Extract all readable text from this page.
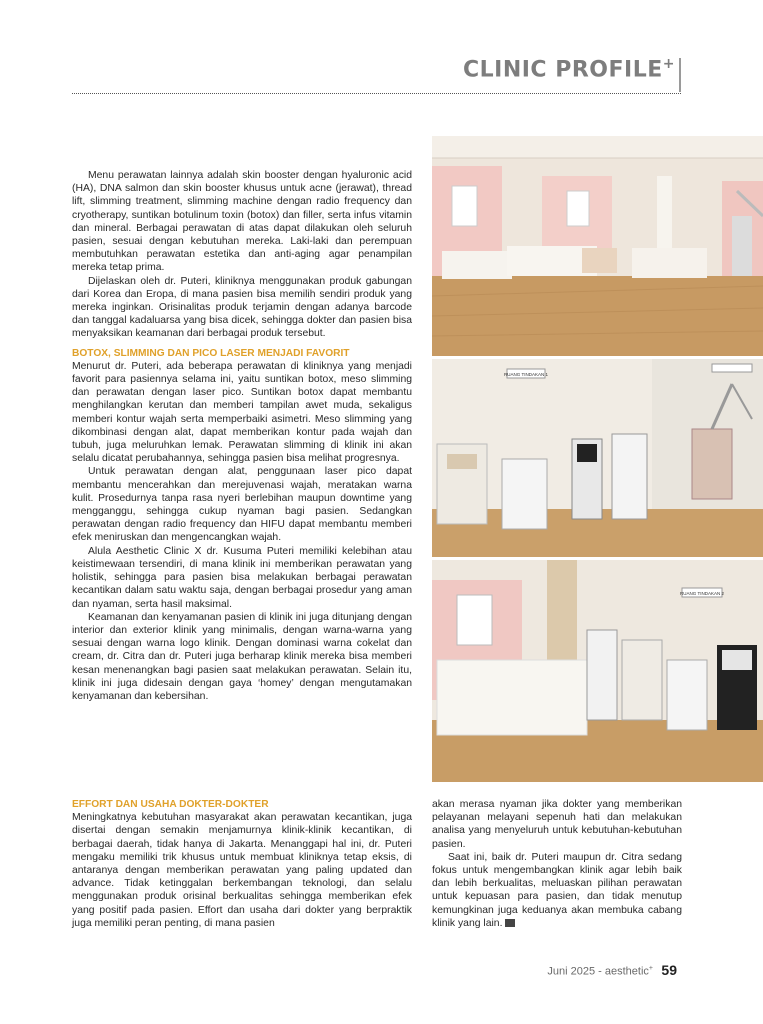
CLINIC PROFILE+

Menu perawatan lainnya adalah skin booster dengan hyaluronic acid (HA), DNA salmon dan skin booster khusus untuk acne (jerawat), thread lift, slimming treatment, slimming machine dengan radio frequency dan cryotherapy, suntikan botulinum toxin (botox) dan filler, serta infus vitamin dan mineral. Berbagai perawatan di atas dapat dilakukan oleh seluruh pasien, sesuai dengan kebutuhan mereka. Laki-laki dan perempuan membutuhkan perawatan estetika dan anti-aging agar penampilan mereka tetap prima.

Dijelaskan oleh dr. Puteri, kliniknya menggunakan produk gabungan dari Korea dan Eropa, di mana pasien bisa memilih sendiri produk yang mereka inginkan. Orisinalitas produk terjamin dengan adanya barcode dan tanggal kadaluarsa yang bisa dicek, sehingga dokter dan pasien bisa menyaksikan keamanan dari berbagai produk tersebut.

BOTOX, SLIMMING DAN PICO LASER MENJADI FAVORIT

Menurut dr. Puteri, ada beberapa perawatan di kliniknya yang menjadi favorit para pasiennya selama ini, yaitu suntikan botox, meso slimming dan perawatan dengan laser pico. Suntikan botox dapat membantu menghilangkan kerutan dan memberi tampilan awet muda, sekaligus memberi kontur wajah serta memperbaiki asimetri. Meso slimming yang dikombinasi dengan alat, dapat memberikan kontur pada wajah dan tubuh, juga meluruhkan lemak. Perawatan slimming di klinik ini akan selalu dicatat perubahannya, sehingga pasien bisa melihat progresnya.

Untuk perawatan dengan alat, penggunaan laser pico dapat membantu mencerahkan dan merejuvenasi wajah, meratakan warna kulit. Prosedurnya tanpa rasa nyeri berlebihan maupun downtime yang mengganggu, sehingga cukup nyaman bagi pasien. Sedangkan perawatan dengan radio frequency dan HIFU dapat membantu memberi efek meniruskan dan mengencangkan wajah.

Alula Aesthetic Clinic X dr. Kusuma Puteri memiliki kelebihan atau keistimewaan tersendiri, di mana klinik ini memberikan perawatan yang holistik, sehingga para pasien bisa melakukan berbagai perawatan kecantikan dalam satu waktu saja, dengan berbagai prosedur yang aman dan nyaman, serta hasil maksimal.

Keamanan dan kenyamanan pasien di klinik ini juga ditunjang dengan interior dan exterior klinik yang minimalis, dengan warna-warna yang sesuai dengan warna logo klinik. Dengan dominasi warna cokelat dan cream, dr. Citra dan dr. Puteri juga berharap klinik mereka bisa memberi kesan menenangkan bagi pasien saat melakukan perawatan. Selain itu, klinik ini juga didesain dengan gaya ‘homey’ dengan mengutamakan kenyamanan dan kebersihan.

EFFORT DAN USAHA DOKTER-DOKTER

Meningkatnya kebutuhan masyarakat akan perawatan kecantikan, juga disertai dengan semakin menjamurnya klinik-klinik kecantikan, di berbagai daerah, tidak hanya di Jakarta. Menanggapi hal ini, dr. Puteri mengaku memiliki trik khusus untuk membuat kliniknya tetap eksis, di antaranya dengan memberikan perawatan yang paling updated dan advance. Tidak ketinggalan berkembangan teknologi, dan selalu menggunakan produk orisinal berkualitas sehingga memberikan efek yang positif pada pasien. Effort dan usaha dari dokter yang berpraktik juga memiliki peran penting, di mana pasien

akan merasa nyaman jika dokter yang memberikan pelayanan melayani sepenuh hati dan melakukan analisa yang menyeluruh untuk kebutuhan-kebutuhan pasien.

Saat ini, baik dr. Puteri maupun dr. Citra sedang fokus untuk mengembangkan klinik agar lebih baik dan lebih berkualitas, meluaskan pilihan perawatan untuk kepuasan para pasien, dan tidak menutup kemungkinan juga keduanya akan membuka cabang klinik yang lain.	a+

RUANG TINDAKAN 1
RUANG TINDAKAN 2
Juni 2025 - aesthetic+ 59
